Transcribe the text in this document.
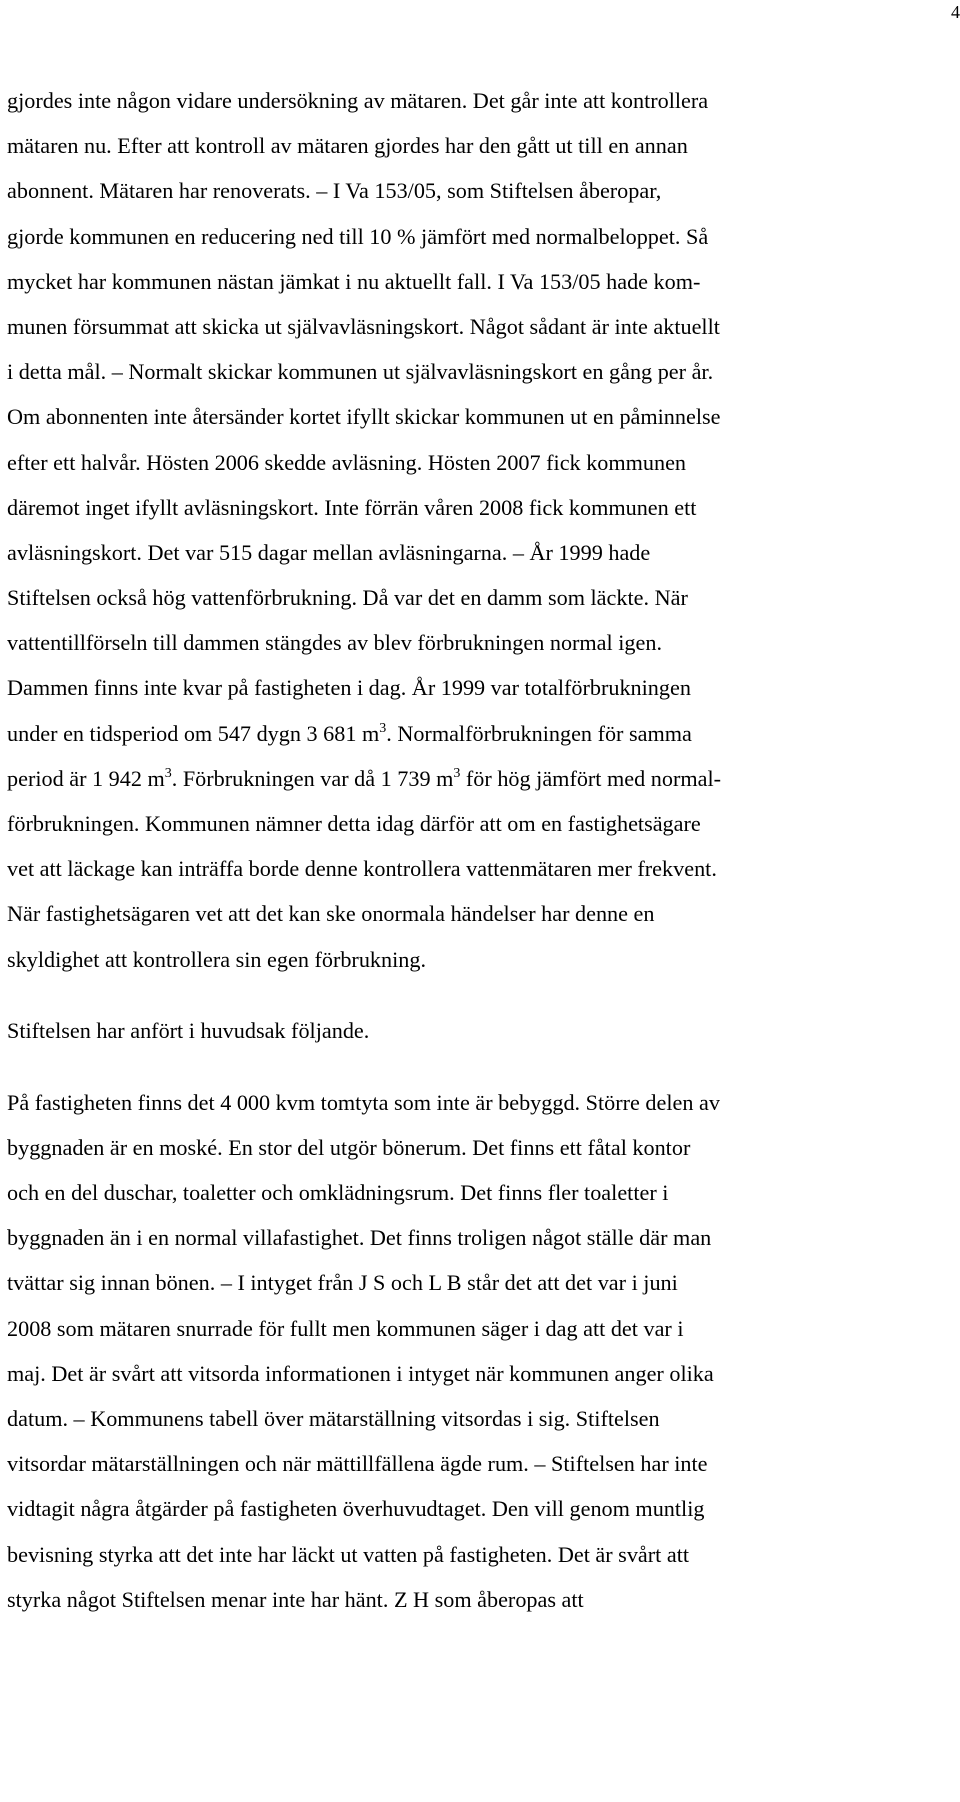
4
gjordes inte någon vidare undersökning av mätaren. Det går inte att kontrollera
mätaren nu. Efter att kontroll av mätaren gjordes har den gått ut till en annan
abonnent. Mätaren har renoverats. – I Va 153/05, som Stiftelsen åberopar,
gjorde kommunen en reducering ned till 10 % jämfört med normalbeloppet. Så
mycket har kommunen nästan jämkat i nu aktuellt fall. I Va 153/05 hade kom-
munen försummat att skicka ut självavläsningskort. Något sådant är inte aktuellt
i detta mål. – Normalt skickar kommunen ut självavläsningskort en gång per år.
Om abonnenten inte återsänder kortet ifyllt skickar kommunen ut en påminnelse
efter ett halvår. Hösten 2006 skedde avläsning. Hösten 2007 fick kommunen
däremot inget ifyllt avläsningskort. Inte förrän våren 2008 fick kommunen ett
avläsningskort. Det var 515 dagar mellan avläsningarna. – År 1999 hade
Stiftelsen också hög vattenförbrukning. Då var det en damm som läckte. När
vattentillförseln till dammen stängdes av blev förbrukningen normal igen.
Dammen finns inte kvar på fastigheten i dag. År 1999 var totalförbrukningen
under en tidsperiod om 547 dygn 3 681 $m^3$. Normalförbrukningen för samma
period är 1 942 $m^3$. Förbrukningen var då 1 739 $m^3$ för hög jämfört med normal-
förbrukningen. Kommunen nämner detta idag därför att om en fastighetsägare
vet att läckage kan inträffa borde denne kontrollera vattenmätaren mer frekvent.
När fastighetsägaren vet att det kan ske onormala händelser har denne en
skyldighet att kontrollera sin egen förbrukning.
Stiftelsen har anfört i huvudsak följande.
På fastigheten finns det 4 000 kvm tomtyta som inte är bebyggd. Större delen av
byggnaden är en moské. En stor del utgör bönerum. Det finns ett fåtal kontor
och en del duschar, toaletter och omklädningsrum. Det finns fler toaletter i
byggnaden än i en normal villafastighet. Det finns troligen något ställe där man
tvättar sig innan bönen. – I intyget från J S och L B står det att det var i juni
2008 som mätaren snurrade för fullt men kommunen säger i dag att det var i
maj. Det är svårt att vitsorda informationen i intyget när kommunen anger olika
datum. – Kommunens tabell över mätarställning vitsordas i sig. Stiftelsen
vitsordar mätarställningen och när mättillfällena ägde rum. – Stiftelsen har inte
vidtagit några åtgärder på fastigheten överhuvudtaget. Den vill genom muntlig
bevisning styrka att det inte har läckt ut vatten på fastigheten. Det är svårt att
styrka något Stiftelsen menar inte har hänt. Z H som åberopas att
